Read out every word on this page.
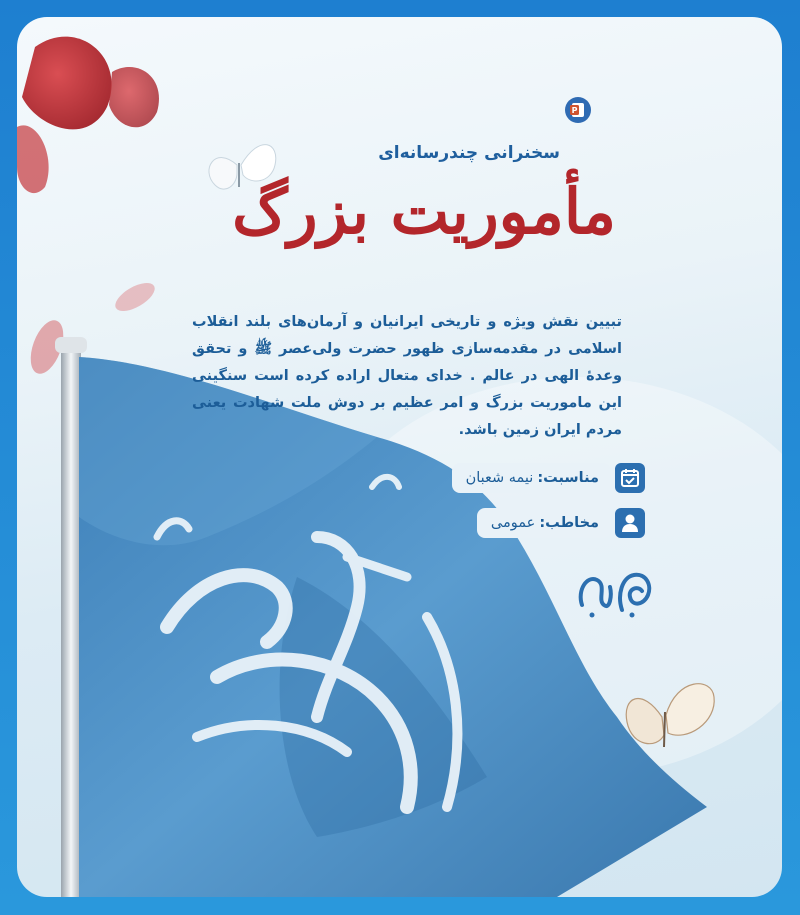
P
سخنرانی چندرسانه‌ای
مأموریت بزرگ
تبیین نقش ویژه و تاریخی ایرانیان و آرمان‌های بلند انقلاب اسلامی در مقدمه‌سازی ظهور حضرت ولی‌عصر ﷺ و تحقق وعدهٔ الهی در عالم . خدای متعال اراده کرده است سنگینی این ماموریت بزرگ و امر عظیم بر دوش ملت شهادت یعنی مردم ایران زمین باشد.
مناسبت:
نیمه شعبان
مخاطب:
عمومی
